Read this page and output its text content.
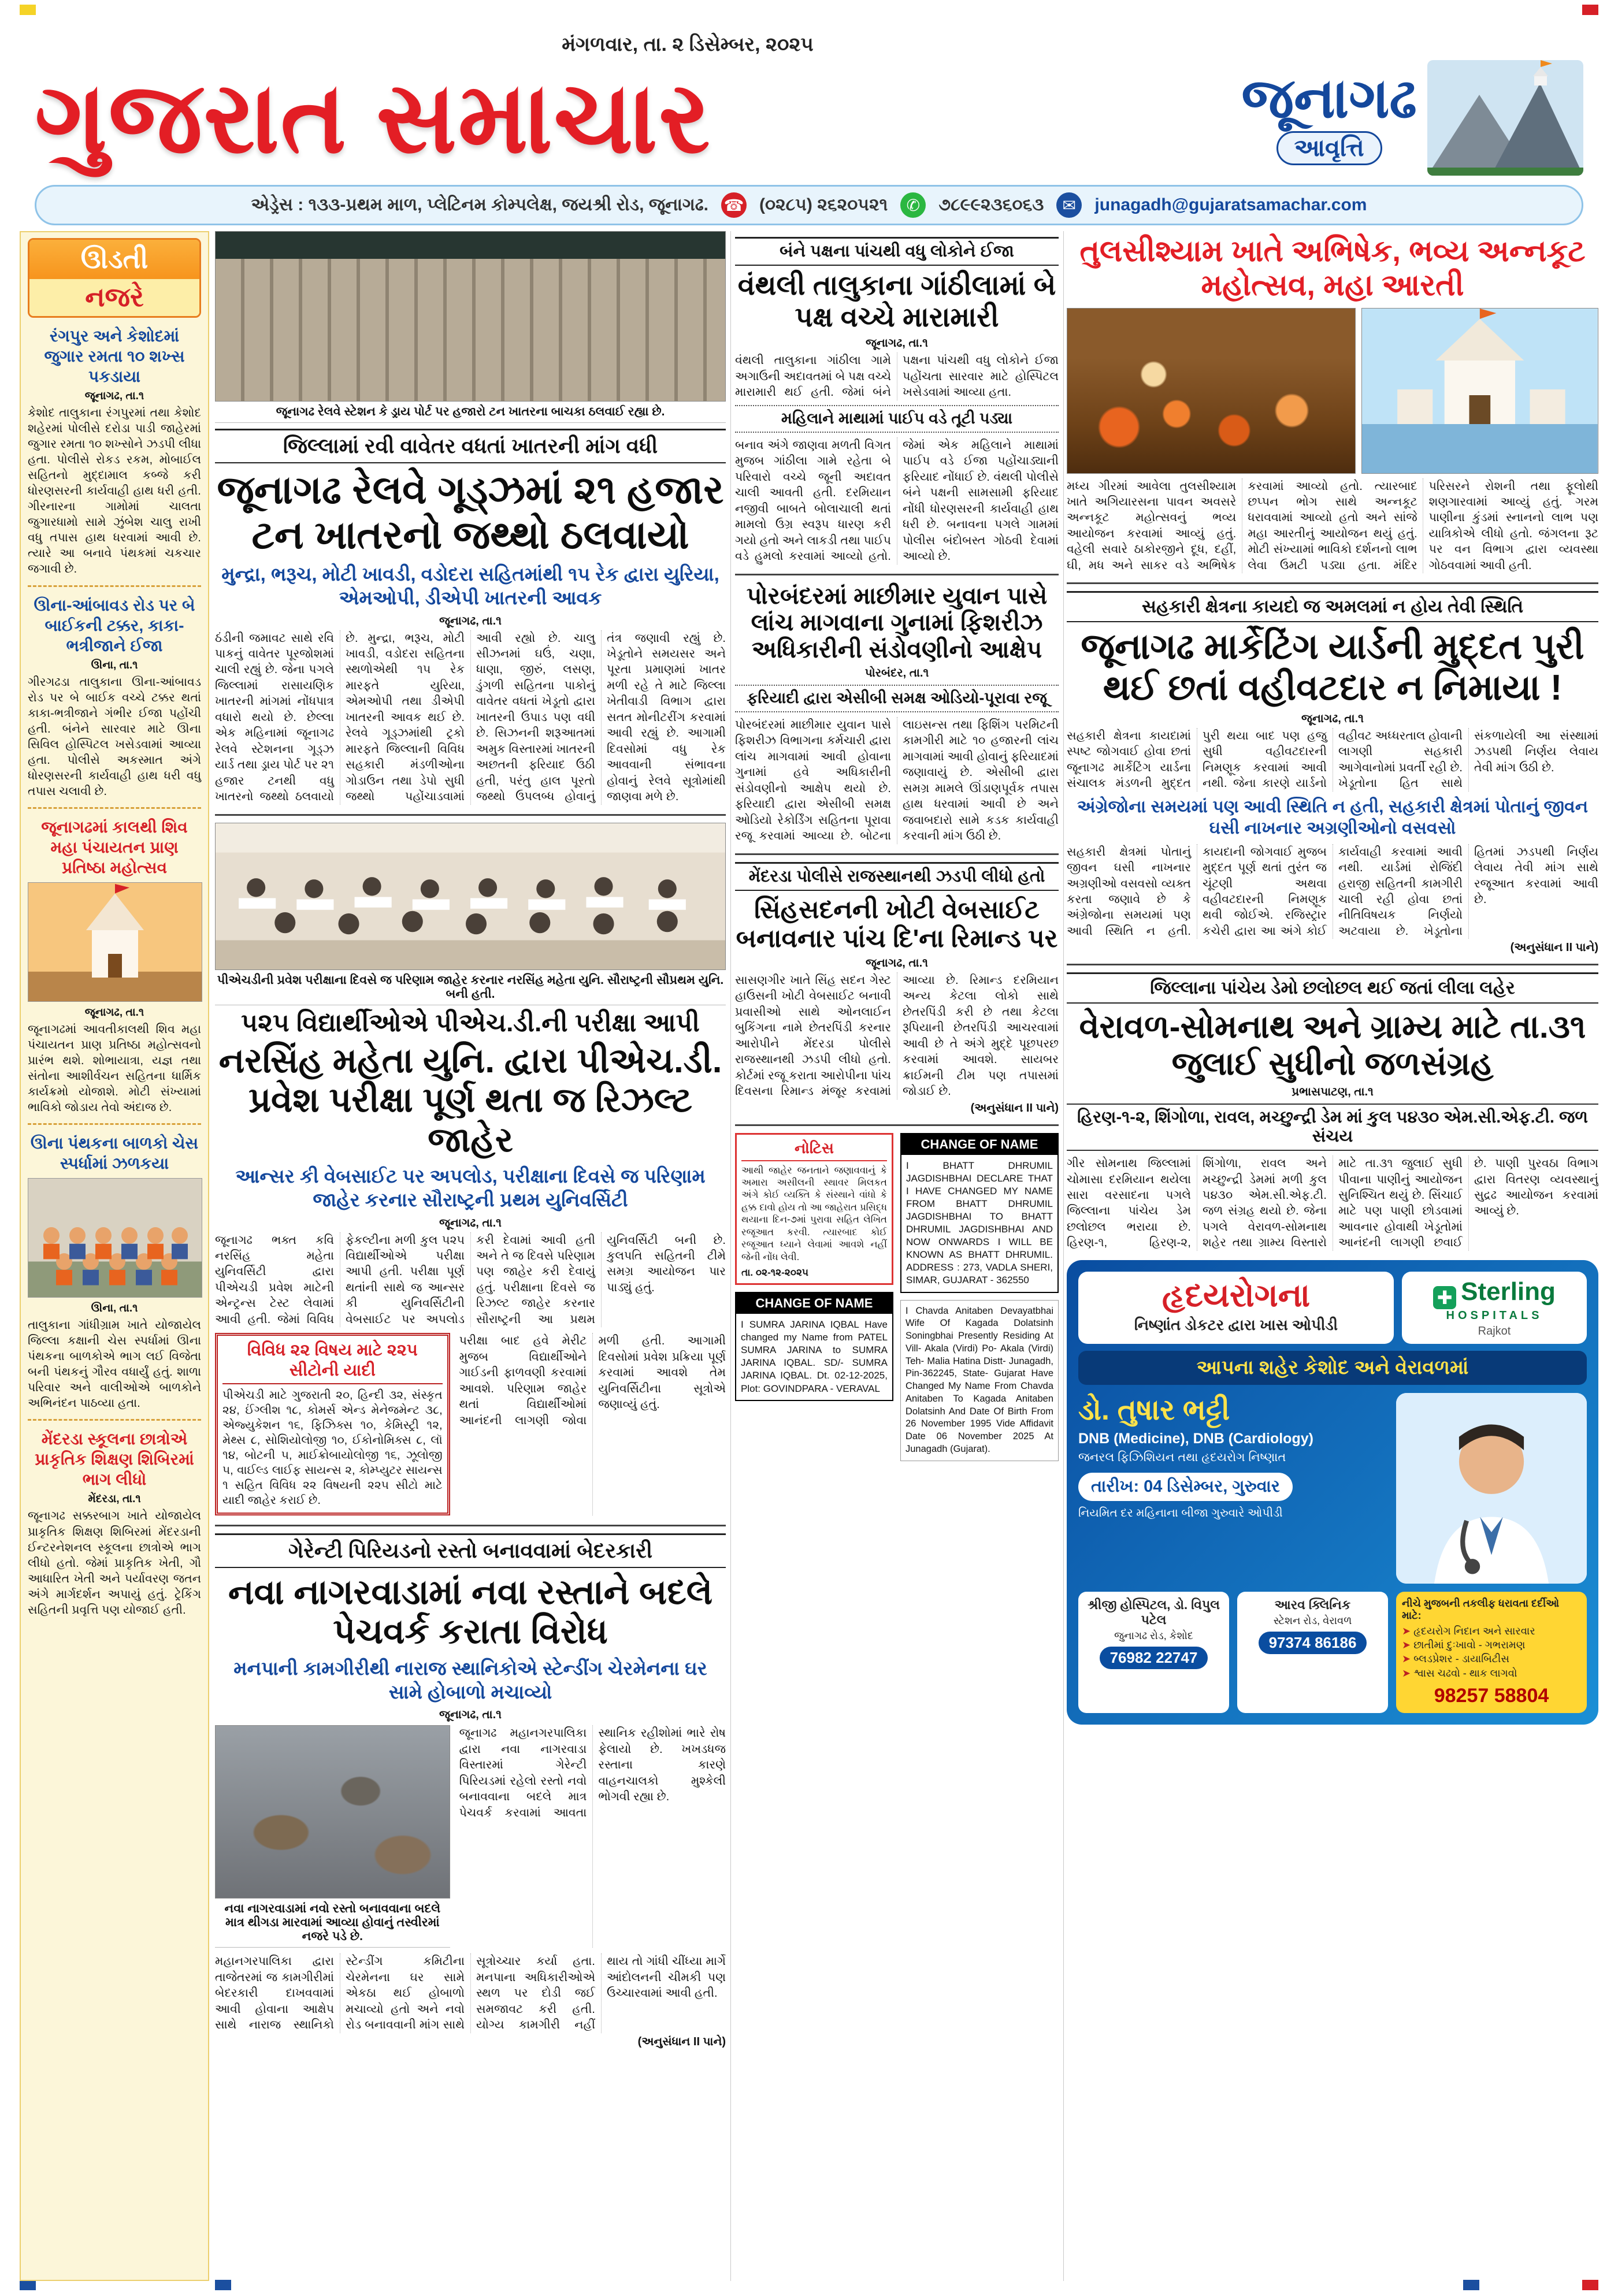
મંગળવાર, તા. ૨ ડિસેમ્બર, ૨૦૨૫
ગુજરાત સમાચાર	જૂનાગઢ
આવૃત્તિ
એડ્રેસ : ૧૩૩-પ્રથમ માળ, પ્લેટિનમ કોમ્પલેક્ષ, જયશ્રી રોડ, જૂનાગઢ. ☎ (૦૨૮૫) ૨૬૨૦૫૨૧	✆	૭૮૯૯૨૩૬૦૬૩	✉	junagadh@gujaratsamachar.com
ઊડતી
નજરે
રંગપુર અને કેશોદમાં જુગાર રમતા ૧૦ શખ્સ પકડાયા
જૂનાગઢ, તા.૧
કેશોદ તાલુકાના રંગપુરમાં તથા કેશોદ શહેરમાં પોલીસે દરોડા પાડી જાહેરમાં જુગાર રમતા ૧૦ શખ્સોને ઝડપી લીધા હતા. પોલીસે રોકડ રકમ, મોબાઈલ સહિતનો મુદ્દામાલ કબ્જે કરી ધોરણસરની કાર્યવાહી હાથ ધરી હતી. ગીરનારના ગામોમાં ચાલતા જુગારધામો સામે ઝુંબેશ ચાલુ રાખી વધુ તપાસ હાથ ધરવામાં આવી છે. ત્યારે આ બનાવે પંથકમાં ચકચાર જગાવી છે.
ઊના-આંબાવડ રોડ પર બે બાઈકની ટક્કર, કાકા-ભત્રીજાને ઈજા
ઊના, તા.૧
ગીરગઢડા તાલુકાના ઊના-આંબાવડ રોડ પર બે બાઈક વચ્ચે ટક્કર થતાં કાકા-ભત્રીજાને ગંભીર ઈજા પહોંચી હતી. બંનેને સારવાર માટે ઊના સિવિલ હોસ્પિટલ ખસેડવામાં આવ્યા હતા. પોલીસે અકસ્માત અંગે ધોરણસરની કાર્યવાહી હાથ ધરી વધુ તપાસ ચલાવી છે.
જૂનાગઢમાં કાલથી શિવ મહા પંચાયતન પ્રાણ પ્રતિષ્ઠા મહોત્સવ
જૂનાગઢ, તા.૧
જૂનાગઢમાં આવતીકાલથી શિવ મહા પંચાયતન પ્રાણ પ્રતિષ્ઠા મહોત્સવનો પ્રારંભ થશે. શોભાયાત્રા, યજ્ઞ તથા સંતોના આશીર્વચન સહિતના ધાર્મિક કાર્યક્રમો યોજાશે. મોટી સંખ્યામાં ભાવિકો જોડાય તેવો અંદાજ છે.
ઊના પંથકના બાળકો ચેસ સ્પર્ધામાં ઝળકયા
ઊના, તા.૧
તાલુકાના ગાંધીગ્રામ ખાતે યોજાયેલ જિલ્લા કક્ષાની ચેસ સ્પર્ધામાં ઊના પંથકના બાળકોએ ભાગ લઈ વિજેતા બની પંથકનું ગૌરવ વધાર્યું હતું. શાળા પરિવાર અને વાલીઓએ બાળકોને અભિનંદન પાઠવ્યા હતા.
મેંદરડા સ્કૂલના છાત્રોએ પ્રાકૃતિક શિક્ષણ શિબિરમાં ભાગ લીધો
મેંદરડા, તા.૧
જૂનાગઢ સક્કરબાગ ખાતે યોજાયેલ પ્રાકૃતિક શિક્ષણ શિબિરમાં મેંદરડાની ઈન્ટરનેશનલ સ્કૂલના છાત્રોએ ભાગ લીધો હતો. જેમાં પ્રાકૃતિક ખેતી, ગૌ આધારિત ખેતી અને પર્યાવરણ જતન અંગે માર્ગદર્શન અપાયું હતું. ટ્રેકિંગ સહિતની પ્રવૃત્તિ પણ યોજાઈ હતી.
જૂનાગઢ રેલવે સ્ટેશન કે ડ્રાય પોર્ટ પર હજારો ટન ખાતરના બાચકા ઠલવાઈ રહ્યા છે.
જિલ્લામાં રવી વાવેતર વધતાં ખાતરની માંગ વધી
જૂનાગઢ રેલવે ગૂડ્ઝમાં ૨૧ હજાર ટન ખાતરનો જથ્થો ઠલવાયો
મુન્દ્રા, ભરૂચ, મોટી ખાવડી, વડોદરા સહિતમાંથી ૧૫ રેક દ્વારા યુરિયા, એમઓપી, ડીએપી ખાતરની આવક
જૂનાગઢ, તા.૧
ઠંડીની જમાવટ સાથે રવિ પાકનું વાવેતર પૂરજોશમાં ચાલી રહ્યું છે. જેના પગલે જિલ્લામાં રાસાયણિક ખાતરની માંગમાં નોંધપાત્ર વધારો થયો છે. છેલ્લા એક મહિનામાં જૂનાગઢ રેલવે સ્ટેશનના ગૂડ્ઝ યાર્ડ તથા ડ્રાય પોર્ટ પર ૨૧ હજાર ટનથી વધુ ખાતરનો જથ્થો ઠલવાયો છે. મુન્દ્રા, ભરૂચ, મોટી ખાવડી, વડોદરા સહિતના સ્થળોએથી ૧૫ રેક મારફતે યુરિયા, એમઓપી તથા ડીએપી ખાતરની આવક થઈ છે. રેલવે ગૂડ્ઝમાંથી ટ્રકો મારફતે જિલ્લાની વિવિધ સહકારી મંડળીઓના ગોડાઉન તથા ડેપો સુધી જથ્થો પહોંચાડવામાં આવી રહ્યો છે. ચાલુ સીઝનમાં ઘઉં, ચણા, ધાણા, જીરું, લસણ, ડુંગળી સહિતના પાકોનું વાવેતર વધતાં ખેડૂતો દ્વારા ખાતરની ઉપાડ પણ વધી છે. સિઝનની શરૂઆતમાં અમુક વિસ્તારમાં ખાતરની અછતની ફરિયાદ ઉઠી હતી, પરંતુ હાલ પૂરતો જથ્થો ઉપલબ્ધ હોવાનું તંત્ર જણાવી રહ્યું છે. ખેડૂતોને સમયસર અને પૂરતા પ્રમાણમાં ખાતર મળી રહે તે માટે જિલ્લા ખેતીવાડી વિભાગ દ્વારા સતત મોનીટરીંગ કરવામાં આવી રહ્યું છે. આગામી દિવસોમાં વધુ રેક આવવાની સંભાવના હોવાનું રેલવે સૂત્રોમાંથી જાણવા મળે છે.
પીએચડીની પ્રવેશ પરીક્ષાના દિવસે જ પરિણામ જાહેર કરનાર નરસિંહ મહેતા યુનિ. સૌરાષ્ટ્રની સૌપ્રથમ યુનિ. બની હતી.
૫૨૫ વિદ્યાર્થીઓએ પીએચ.ડી.ની પરીક્ષા આપી
નરસિંહ મહેતા યુનિ. દ્વારા પીએચ.ડી. પ્રવેશ પરીક્ષા પૂર્ણ થતા જ રિઝલ્ટ જાહેર
આન્સર કી વેબસાઈટ પર અપલોડ, પરીક્ષાના દિવસે જ પરિણામ જાહેર કરનાર સૌરાષ્ટ્રની પ્રથમ યુનિવર્સિટી
જૂનાગઢ, તા.૧
જૂનાગઢ ભક્ત કવિ નરસિંહ મહેતા યુનિવર્સિટી દ્વારા પીએચડી પ્રવેશ માટેની એન્ટ્રન્સ ટેસ્ટ લેવામાં આવી હતી. જેમાં વિવિધ ફેકલ્ટીના મળી કુલ ૫૨૫ વિદ્યાર્થીઓએ પરીક્ષા આપી હતી. પરીક્ષા પૂર્ણ થતાંની સાથે જ આન્સર કી યુનિવર્સિટીની વેબસાઈટ પર અપલોડ કરી દેવામાં આવી હતી અને તે જ દિવસે પરિણામ પણ જાહેર કરી દેવાયું હતું. પરીક્ષાના દિવસે જ રિઝલ્ટ જાહેર કરનાર સૌરાષ્ટ્રની આ પ્રથમ યુનિવર્સિટી બની છે. કુલપતિ સહિતની ટીમે સમગ્ર આયોજન પાર પાડ્યું હતું.
વિવિધ ૨૨ વિષય માટે ૨૨૫ સીટોની યાદી
પીએચડી માટે ગુજરાતી ૨૦, હિન્દી ૩૨, સંસ્કૃત ૨૪, ઈંગ્લીશ ૧૮, કોમર્સ એન્ડ મેનેજમેન્ટ ૩૮, એજ્યુકેશન ૧૬, ફિઝિક્સ ૧૦, કેમિસ્ટ્રી ૧૨, મેથ્સ ૮, સોશિયોલોજી ૧૦, ઈકોનોમિક્સ ૮, લૉ ૧૪, બોટની ૫, માઈક્રોબાયોલોજી ૧૬, ઝૂલોજી ૫, વાઈલ્ડ લાઈફ સાયન્સ ૨, કોમ્પ્યુટર સાયન્સ ૧ સહિત વિવિધ ૨૨ વિષયની ૨૨૫ સીટો માટે યાદી જાહેર કરાઈ છે.
પરીક્ષા બાદ હવે મેરીટ મુજબ વિદ્યાર્થીઓને ગાઈડની ફાળવણી કરવામાં આવશે. પરિણામ જાહેર થતાં વિદ્યાર્થીઓમાં આનંદની લાગણી જોવા મળી હતી. આગામી દિવસોમાં પ્રવેશ પ્રક્રિયા પૂર્ણ કરવામાં આવશે તેમ યુનિવર્સિટીના સૂત્રોએ જણાવ્યું હતું.
ગેરેન્ટી પિરિયડનો રસ્તો બનાવવામાં બેદરકારી
નવા નાગરવાડામાં નવા રસ્તાને બદલે પેચવર્ક કરાતા વિરોધ
મનપાની કામગીરીથી નારાજ સ્થાનિકોએ સ્ટેન્ડીંગ ચેરમેનના ઘર સામે હોબાળો મચાવ્યો
જૂનાગઢ, તા.૧
નવા નાગરવાડામાં નવો રસ્તો બનાવવાના બદલે માત્ર થીગડા મારવામાં આવ્યા હોવાનું તસ્વીરમાં નજરે પડે છે.
જૂનાગઢ મહાનગરપાલિકા દ્વારા નવા નાગરવાડા વિસ્તારમાં ગેરેન્ટી પિરિયડમાં રહેલો રસ્તો નવો બનાવવાના બદલે માત્ર પેચવર્ક કરવામાં આવતા સ્થાનિક રહીશોમાં ભારે રોષ ફેલાયો છે. ખખડધજ રસ્તાના કારણે વાહનચાલકો મુશ્કેલી ભોગવી રહ્યા છે.
મહાનગરપાલિકા દ્વારા તાજેતરમાં જ કામગીરીમાં બેદરકારી દાખવવામાં આવી હોવાના આક્ષેપ સાથે નારાજ સ્થાનિકો સ્ટેન્ડીંગ કમિટીના ચેરમેનના ઘર સામે એકઠા થઈ હોબાળો મચાવ્યો હતો અને નવો રોડ બનાવવાની માંગ સાથે સૂત્રોચ્ચાર કર્યા હતા. મનપાના અધિકારીઓએ સ્થળ પર દોડી જઈ સમજાવટ કરી હતી. યોગ્ય કામગીરી નહીં થાય તો ગાંધી ચીંધ્યા માર્ગે આંદોલનની ચીમકી પણ ઉચ્ચારવામાં આવી હતી.
(અનુસંધાન II પાને)
બંને પક્ષના પાંચથી વધુ લોકોને ઈજા
વંથલી તાલુકાના ગાંઠીલામાં બે પક્ષ વચ્ચે મારામારી
જૂનાગઢ, તા.૧
વંથલી તાલુકાના ગાંઠીલા ગામે અગાઉની અદાવતમાં બે પક્ષ વચ્ચે મારામારી થઈ હતી. જેમાં બંને પક્ષના પાંચથી વધુ લોકોને ઈજા પહોંચતા સારવાર માટે હોસ્પિટલ ખસેડવામાં આવ્યા હતા.
મહિલાને માથામાં પાઈપ વડે તૂટી પડ્યા
બનાવ અંગે જાણવા મળતી વિગત મુજબ ગાંઠીલા ગામે રહેતા બે પરિવારો વચ્ચે જૂની અદાવત ચાલી આવતી હતી. દરમિયાન નજીવી બાબતે બોલાચાલી થતાં મામલો ઉગ્ર સ્વરૂપ ધારણ કરી ગયો હતો અને લાકડી તથા પાઈપ વડે હુમલો કરવામાં આવ્યો હતો. જેમાં એક મહિલાને માથામાં પાઈપ વડે ઈજા પહોંચાડ્યાની ફરિયાદ નોંધાઈ છે. વંથલી પોલીસે બંને પક્ષની સામસામી ફરિયાદ નોંધી ધોરણસરની કાર્યવાહી હાથ ધરી છે. બનાવના પગલે ગામમાં પોલીસ બંદોબસ્ત ગોઠવી દેવામાં આવ્યો છે.
પોરબંદરમાં માછીમાર યુવાન પાસે લાંચ માગવાના ગુનામાં ફિશરીઝ અધિકારીની સંડોવણીનો આક્ષેપ
પોરબંદર, તા.૧
ફરિયાદી દ્વારા એસીબી સમક્ષ ઓડિયો-પૂરાવા રજૂ
પોરબંદરમાં માછીમાર યુવાન પાસે ફિશરીઝ વિભાગના કર્મચારી દ્વારા લાંચ માગવામાં આવી હોવાના ગુનામાં હવે અધિકારીની સંડોવણીનો આક્ષેપ થયો છે. ફરિયાદી દ્વારા એસીબી સમક્ષ ઓડિયો રેકોર્ડિંગ સહિતના પૂરાવા રજૂ કરવામાં આવ્યા છે. બોટના લાઇસન્સ તથા ફિશિંગ પરમિટની કામગીરી માટે ૧૦ હજારની લાંચ માગવામાં આવી હોવાનું ફરિયાદમાં જણાવાયું છે. એસીબી દ્વારા સમગ્ર મામલે ઊંડાણપૂર્વક તપાસ હાથ ધરવામાં આવી છે અને જવાબદારો સામે કડક કાર્યવાહી કરવાની માંગ ઉઠી છે.
મેંદરડા પોલીસે રાજસ્થાનથી ઝડપી લીધો હતો
સિંહસદનની ખોટી વેબસાઈટ બનાવનાર પાંચ દિ'ના રિમાન્ડ પર
જૂનાગઢ, તા.૧
સાસણગીર ખાતે સિંહ સદન ગેસ્ટ હાઉસની ખોટી વેબસાઈટ બનાવી પ્રવાસીઓ સાથે ઓનલાઈન બુકિંગના નામે છેતરપિંડી કરનાર આરોપીને મેંદરડા પોલીસે રાજસ્થાનથી ઝડપી લીધો હતો. કોર્ટમાં રજૂ કરાતા આરોપીના પાંચ દિવસના રિમાન્ડ મંજૂર કરવામાં આવ્યા છે. રિમાન્ડ દરમિયાન અન્ય કેટલા લોકો સાથે છેતરપિંડી કરી છે તથા કેટલા રૂપિયાની છેતરપિંડી આચરવામાં આવી છે તે અંગે મુદ્દે પૂછપરછ કરવામાં આવશે. સાયબર ક્રાઈમની ટીમ પણ તપાસમાં જોડાઈ છે.
(અનુસંધાન II પાને)
નોટિસ
આથી જાહેર જનતાને જણાવવાનું કે અમારા અસીલની સ્થાવર મિલકત અંગે કોઈ વ્યક્તિ કે સંસ્થાને વાંધો કે હક્ક દાવો હોય તો આ જાહેરાત પ્રસિદ્ધ થયાના દિન-૭માં પુરાવા સહિત લેખિત રજૂઆત કરવી. ત્યારબાદ કોઈ રજૂઆત ધ્યાને લેવામાં આવશે નહીં જેની નોંધ લેવી.
તા. ૦૨-૧૨-૨૦૨૫
CHANGE OF NAME
I SUMRA JARINA IQBAL Have changed my Name from PATEL SUMRA JARINA to SUMRA JARINA IQBAL. SD/- SUMRA JARINA IQBAL. Dt. 02-12-2025, Plot: GOVINDPARA - VERAVAL
CHANGE OF NAME
I BHATT DHRUMIL JAGDISHBHAI DECLARE THAT I HAVE CHANGED MY NAME FROM BHATT DHRUMIL JAGDISHBHAI TO BHATT DHRUMIL JAGDISHBHAI AND NOW ONWARDS I WILL BE KNOWN AS BHATT DHRUMIL. ADDRESS : 273, VADLA SHERI, SIMAR, GUJARAT - 362550
I Chavda Anitaben Devayatbhai Wife Of Kagada Dolatsinh Soningbhai Presently Residing At Vill- Akala (Virdi) Po- Akala (Virdi) Teh- Malia Hatina Distt- Junagadh, Pin-362245, State- Gujarat Have Changed My Name From Chavda Anitaben To Kagada Anitaben Dolatsinh And Date Of Birth From 26 November 1995 Vide Affidavit Date 06 November 2025 At Junagadh (Gujarat).
તુલસીશ્યામ ખાતે અભિષેક, ભવ્ય અન્નકૂટ મહોત્સવ, મહા આરતી
મધ્ય ગીરમાં આવેલા તુલસીશ્યામ ખાતે અગિયારસના પાવન અવસરે અન્નકૂટ મહોત્સવનું ભવ્ય આયોજન કરવામાં આવ્યું હતું. વહેલી સવારે ઠાકોરજીને દૂધ, દહીં, ઘી, મધ અને સાકર વડે અભિષેક કરવામાં આવ્યો હતો. ત્યારબાદ છપ્પન ભોગ સાથે અન્નકૂટ ધરાવવામાં આવ્યો હતો અને સાંજે મહા આરતીનું આયોજન થયું હતું. મોટી સંખ્યામાં ભાવિકો દર્શનનો લાભ લેવા ઉમટી પડ્યા હતા. મંદિર પરિસરને રોશની તથા ફૂલોથી શણગારવામાં આવ્યું હતું. ગરમ પાણીના કુંડમાં સ્નાનનો લાભ પણ યાત્રિકોએ લીધો હતો. જંગલના રૂટ પર વન વિભાગ દ્વારા વ્યવસ્થા ગોઠવવામાં આવી હતી.
સહકારી ક્ષેત્રના કાયદો જ અમલમાં ન હોય તેવી સ્થિતિ
જૂનાગઢ માર્કેટિંગ યાર્ડની મુદ્દત પુરી થઈ છતાં વહીવટદાર ન નિમાયા !
જૂનાગઢ, તા.૧
સહકારી ક્ષેત્રના કાયદામાં સ્પષ્ટ જોગવાઈ હોવા છતાં જૂનાગઢ માર્કેટિંગ યાર્ડના સંચાલક મંડળની મુદ્દત પુરી થયા બાદ પણ હજુ સુધી વહીવટદારની નિમણૂક કરવામાં આવી નથી. જેના કારણે યાર્ડનો વહીવટ અધ્ધરતાલ હોવાની લાગણી સહકારી આગેવાનોમાં પ્રવર્તી રહી છે. ખેડૂતોના હિત સાથે સંકળાયેલી આ સંસ્થામાં ઝડપથી નિર્ણય લેવાય તેવી માંગ ઉઠી છે.
અંગ્રેજોના સમયમાં પણ આવી સ્થિતિ ન હતી, સહકારી ક્ષેત્રમાં પોતાનું જીવન ઘસી નાખનાર અગ્રણીઓનો વસવસો
સહકારી ક્ષેત્રમાં પોતાનું જીવન ઘસી નાખનાર અગ્રણીઓ વસવસો વ્યક્ત કરતા જણાવે છે કે અંગ્રેજોના સમયમાં પણ આવી સ્થિતિ ન હતી. કાયદાની જોગવાઈ મુજબ મુદ્દત પૂર્ણ થતાં તુરંત જ ચૂંટણી અથવા વહીવટદારની નિમણૂક થવી જોઈએ. રજિસ્ટ્રાર કચેરી દ્વારા આ અંગે કોઈ કાર્યવાહી કરવામાં આવી નથી. યાર્ડમાં રોજિંદી હરાજી સહિતની કામગીરી ચાલી રહી હોવા છતાં નીતિવિષયક નિર્ણયો અટવાયા છે. ખેડૂતોના હિતમાં ઝડપથી નિર્ણય લેવાય તેવી માંગ સાથે રજૂઆત કરવામાં આવી છે.
(અનુસંધાન II પાને)
જિલ્લાના પાંચેય ડેમો છલોછલ થઈ જતાં લીલા લહેર
વેરાવળ-સોમનાથ અને ગ્રામ્ય માટે તા.૩૧ જુલાઈ સુધીનો જળસંગ્રહ
પ્રભાસપાટણ, તા.૧
હિરણ-૧-૨, શિંગોળા, રાવલ, મચ્છુન્દ્રી ડેમ માં કુલ ૫૪૩૦ એમ.સી.એફ.ટી. જળ સંચય
ગીર સોમનાથ જિલ્લામાં ચોમાસા દરમિયાન થયેલા સારા વરસાદના પગલે જિલ્લાના પાંચેય ડેમ છલોછલ ભરાયા છે. હિરણ-૧, હિરણ-૨, શિંગોળા, રાવલ અને મચ્છુન્દ્રી ડેમમાં મળી કુલ ૫૪૩૦ એમ.સી.એફ.ટી. જળ સંગ્રહ થયો છે. જેના પગલે વેરાવળ-સોમનાથ શહેર તથા ગ્રામ્ય વિસ્તારો માટે તા.૩૧ જુલાઈ સુધી પીવાના પાણીનું આયોજન સુનિશ્ચિત થયું છે. સિંચાઈ માટે પણ પાણી છોડવામાં આવનાર હોવાથી ખેડૂતોમાં આનંદની લાગણી છવાઈ છે. પાણી પુરવઠા વિભાગ દ્વારા વિતરણ વ્યવસ્થાનું સુદ્રઢ આયોજન કરવામાં આવ્યું છે.
હૃદયરોગના
નિષ્ણાંત ડોકટર દ્વારા ખાસ ઓપીડી
✚ Sterling
HOSPITALS
Rajkot
આપના શહેર કેશોદ અને વેરાવળમાં
ડો. તુષાર ભટ્ટી
DNB (Medicine), DNB (Cardiology)
જનરલ ફિઝિશિયન તથા હૃદયરોગ નિષ્ણાત
તારીખ: 04 ડિસેમ્બર, ગુરુવાર
નિયમિત દર મહિનાના બીજા ગુરુવારે ઓપીડી
શ્રીજી હોસ્પિટલ, ડો. વિપુલ પટેલ
જુનાગઢ રોડ, કેશોદ
76982 22747
આરવ ક્લિનિક
સ્ટેશન રોડ, વેરાવળ
97374 86186
નીચે મુજબની તકલીફ ધરાવતા દર્દીઓ માટે:
➤ હૃદયરોગ નિદાન અને સારવાર
➤ છાતીમાં દુઃખાવો - ગભરામણ
➤ બ્લડપ્રેશર - ડાયાબિટીસ
➤ શ્વાસ ચઢવો - થાક લાગવો
98257 58804
